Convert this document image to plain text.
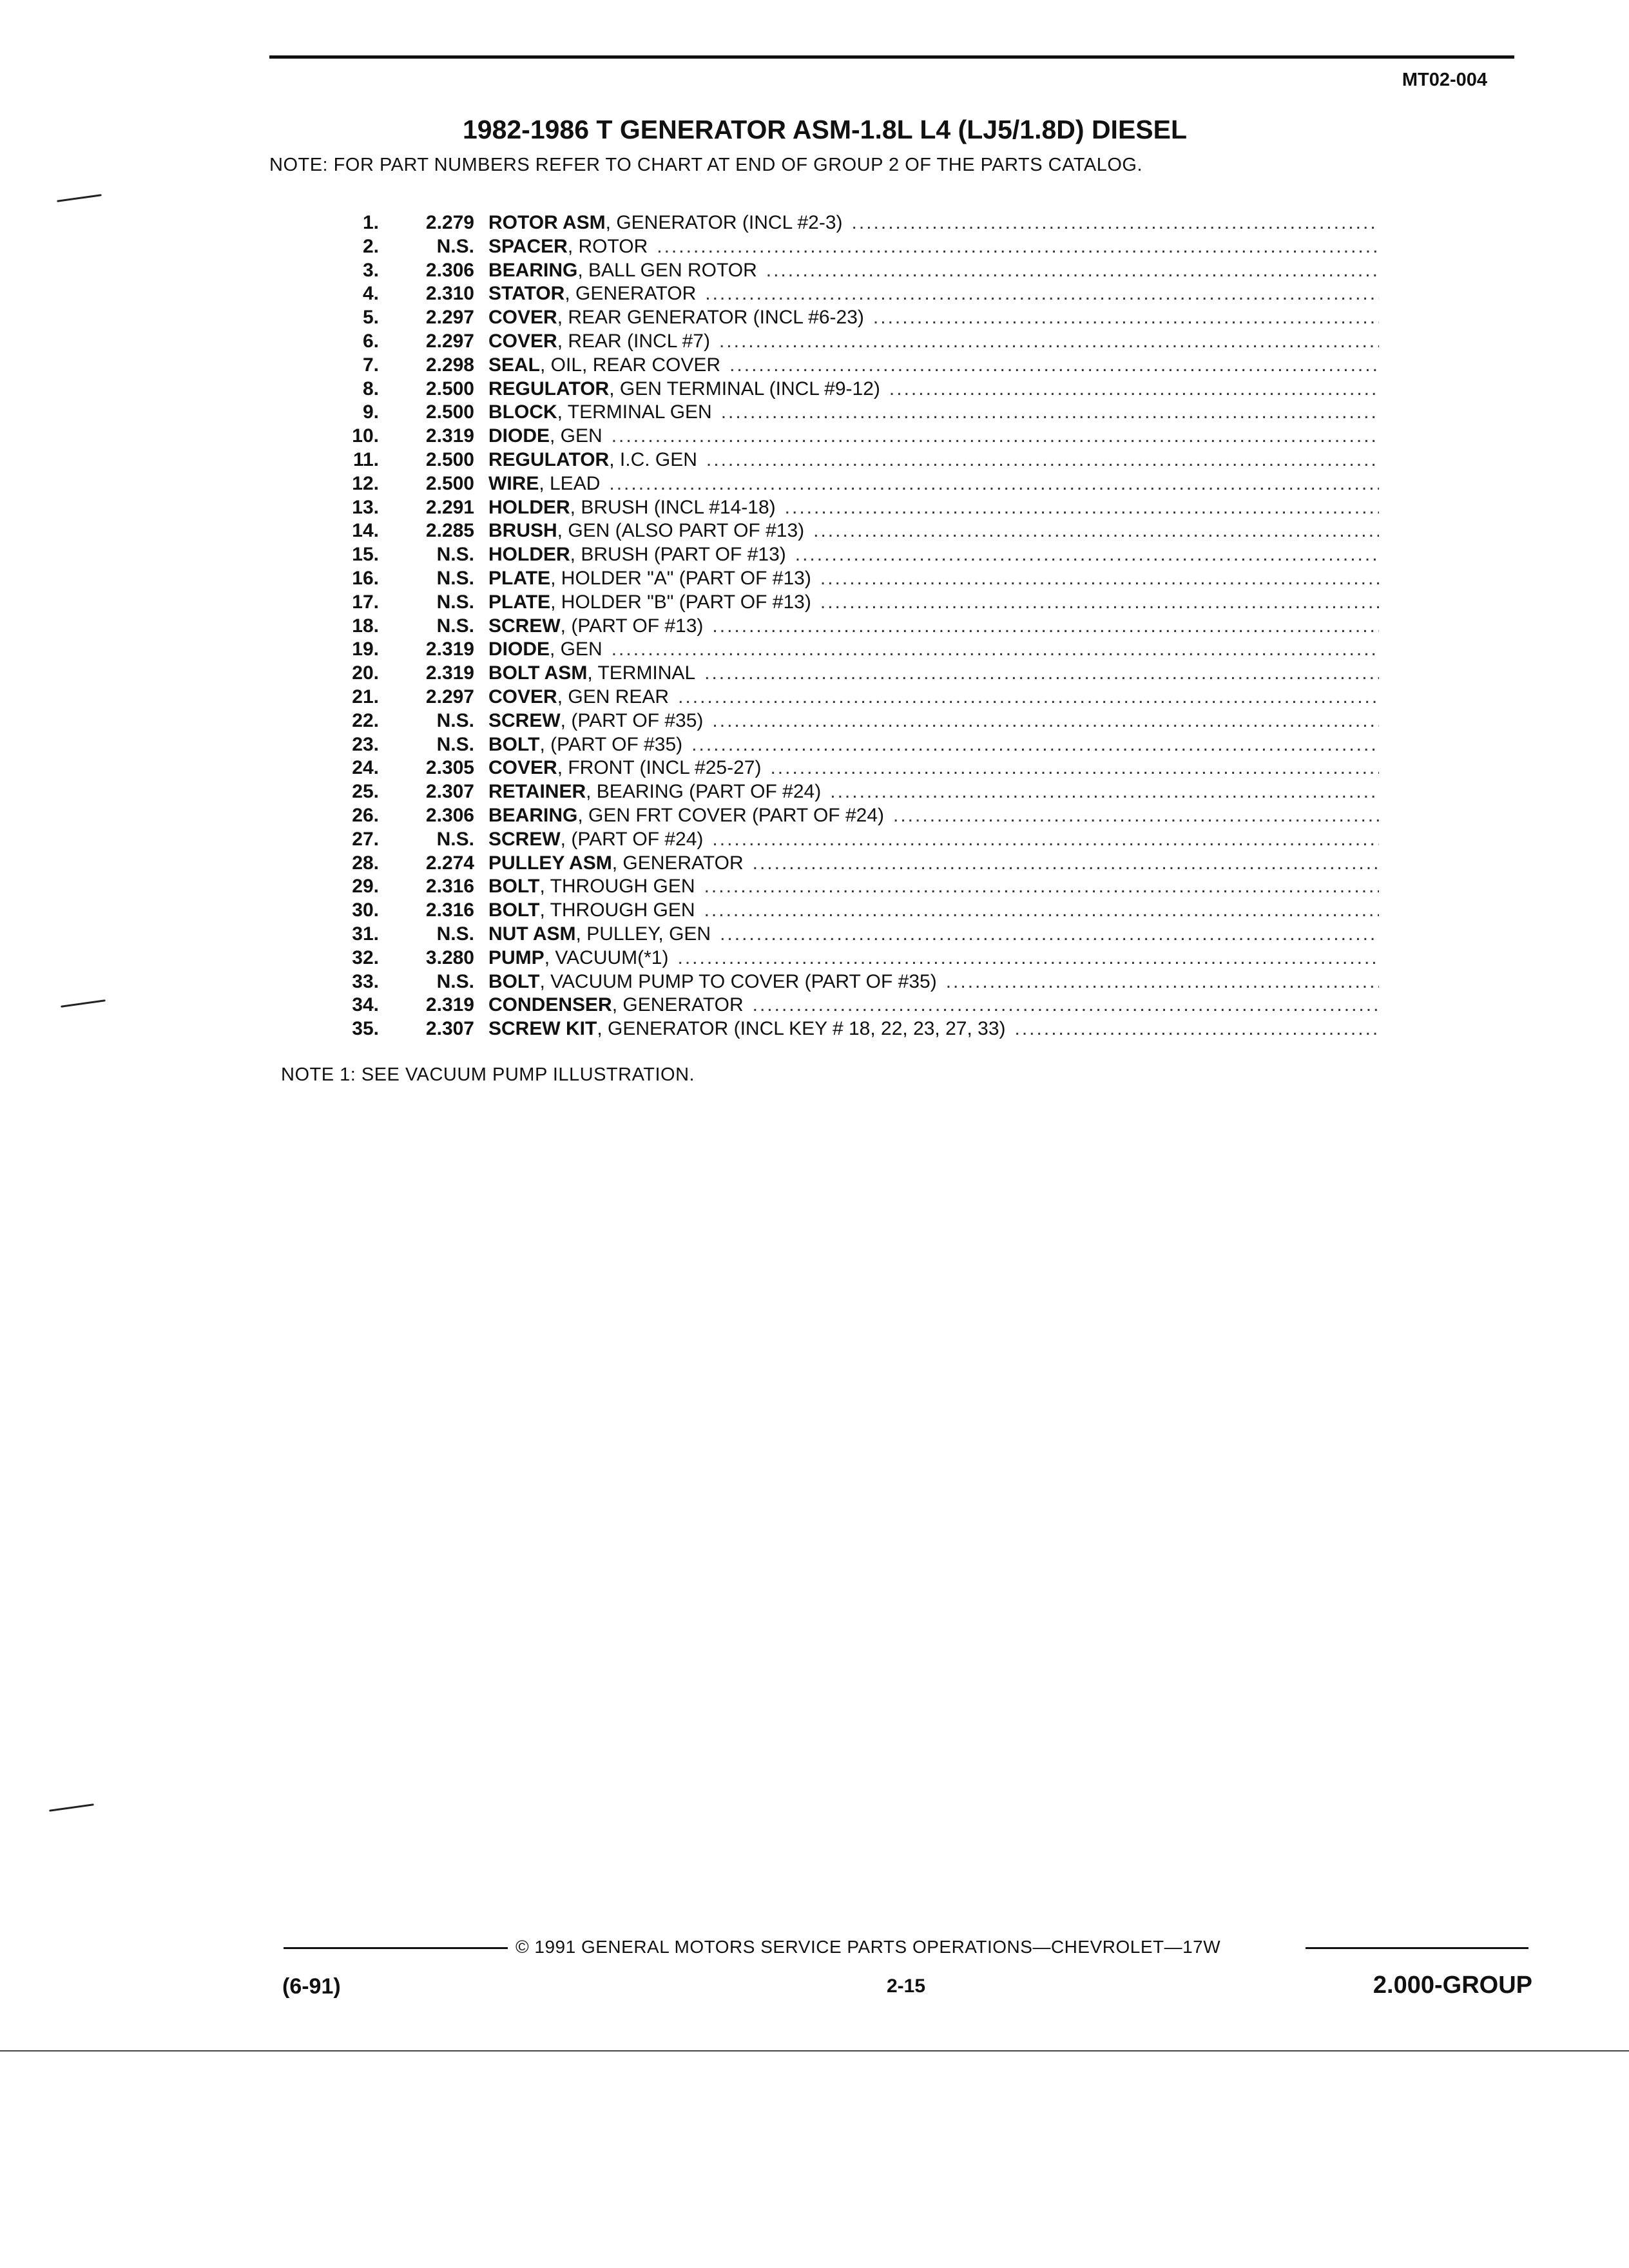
MT02-004
1982-1986 T GENERATOR ASM-1.8L L4 (LJ5/1.8D) DIESEL
NOTE: FOR PART NUMBERS REFER TO CHART AT END OF GROUP 2 OF THE PARTS CATALOG.
1.	2.279 ROTOR ASM , GENERATOR (INCL #2-3)
.....
2.	N.S. SPACER , ROTOR
.....
3.	2.306 BEARING , BALL GEN ROTOR
.....
4.	2.310 STATOR , GENERATOR
.....
5.	2.297 COVER , REAR GENERATOR (INCL #6-23)
.....
6.	2.297 COVER , REAR (INCL #7)
.....
7.	2.298 SEAL , OIL, REAR COVER
.....
8.	2.500 REGULATOR , GEN TERMINAL (INCL #9-12)
.....
9.	2.500 BLOCK , TERMINAL GEN
.....
10.	2.319 DIODE , GEN
.....
11.	2.500 REGULATOR , I.C. GEN
.....
12.	2.500 WIRE , LEAD
.....
13.	2.291 HOLDER , BRUSH (INCL #14-18)
.....
14.	2.285 BRUSH , GEN (ALSO PART OF #13)
.....
15.	N.S. HOLDER , BRUSH (PART OF #13)
.....
16.	N.S. PLATE , HOLDER "A" (PART OF #13)
.....
17.	N.S. PLATE , HOLDER "B" (PART OF #13)
.....
18.	N.S. SCREW , (PART OF #13)
.....
19.	2.319 DIODE , GEN
.....
20.	2.319 BOLT ASM , TERMINAL
.....
21.	2.297 COVER , GEN REAR
.....
22.	N.S. SCREW , (PART OF #35)
.....
23.	N.S. BOLT , (PART OF #35)
.....
24.	2.305 COVER , FRONT (INCL #25-27)
.....
25.	2.307 RETAINER , BEARING (PART OF #24)
.....
26.	2.306 BEARING , GEN FRT COVER (PART OF #24)
.....
27.	N.S. SCREW , (PART OF #24)
.....
28.	2.274 PULLEY ASM , GENERATOR
.....
29.	2.316 BOLT , THROUGH GEN
.....
30.	2.316 BOLT , THROUGH GEN
.....
31.	N.S. NUT ASM , PULLEY, GEN
.....
32.	3.280 PUMP , VACUUM(*1)
.....
33.	N.S. BOLT , VACUUM PUMP TO COVER (PART OF #35)
.....
34.	2.319 CONDENSER , GENERATOR
.....
35.	2.307 SCREW KIT , GENERATOR (INCL KEY # 18, 22, 23, 27, 33)
.....
NOTE 1: SEE VACUUM PUMP ILLUSTRATION.
© 1991 GENERAL MOTORS SERVICE PARTS OPERATIONS—CHEVROLET—17W
(6-91)	2-15	2.000-GROUP
